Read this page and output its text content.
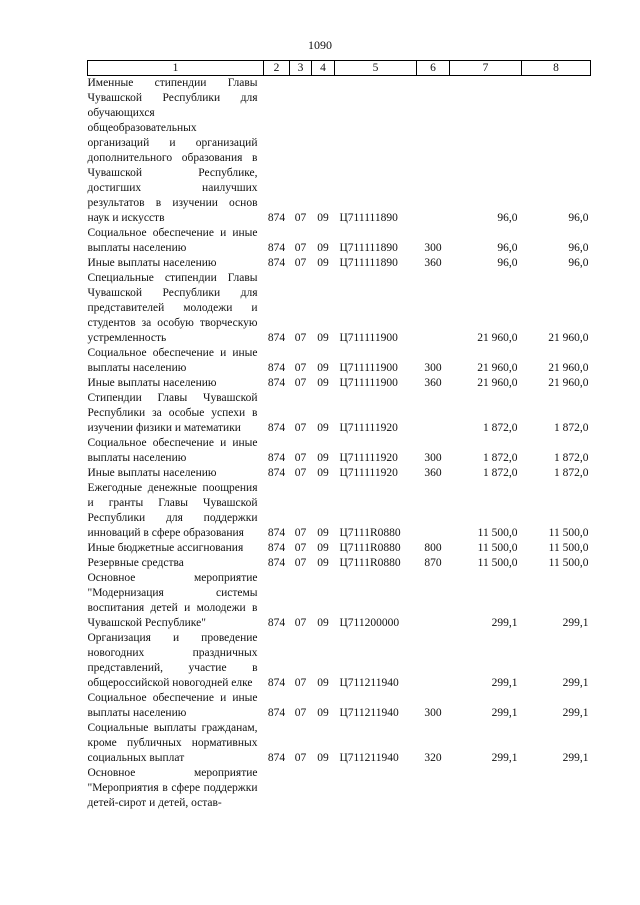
1090
1	2	3	4	5	6	7	8
Именные стипендии Главы Чувашской Республики для обучающихся общеобразовательных организаций и организаций дополнительного образования в Чувашской Республике, достигших наилучших результатов в изучении основ наук и искусств	874	07	09	Ц711111890		96,0	96,0
Социальное обеспечение и иные выплаты населению	874	07	09	Ц711111890	300	96,0	96,0
Иные выплаты населению	874	07	09	Ц711111890	360	96,0	96,0
Специальные стипендии Главы Чувашской Республики для представителей молодежи и студентов за особую творческую устремленность	874	07	09	Ц711111900		21 960,0	21 960,0
Социальное обеспечение и иные выплаты населению	874	07	09	Ц711111900	300	21 960,0	21 960,0
Иные выплаты населению	874	07	09	Ц711111900	360	21 960,0	21 960,0
Стипендии Главы Чувашской Республики за особые успехи в изучении физики и математики	874	07	09	Ц711111920		1 872,0	1 872,0
Социальное обеспечение и иные выплаты населению	874	07	09	Ц711111920	300	1 872,0	1 872,0
Иные выплаты населению	874	07	09	Ц711111920	360	1 872,0	1 872,0
Ежегодные денежные поощрения и гранты Главы Чувашской Республики для поддержки инноваций в сфере образования	874	07	09	Ц7111R0880		11 500,0	11 500,0
Иные бюджетные ассигнования	874	07	09	Ц7111R0880	800	11 500,0	11 500,0
Резервные средства	874	07	09	Ц7111R0880	870	11 500,0	11 500,0
Основное мероприятие "Модернизация системы воспитания детей и молодежи в Чувашской Республике"	874	07	09	Ц711200000		299,1	299,1
Организация и проведение новогодних праздничных представлений, участие в общероссийской новогодней елке	874	07	09	Ц711211940		299,1	299,1
Социальное обеспечение и иные выплаты населению	874	07	09	Ц711211940	300	299,1	299,1
Социальные выплаты гражданам, кроме публичных нормативных социальных выплат	874	07	09	Ц711211940	320	299,1	299,1
Основное мероприятие "Мероприятия в сфере поддержки детей-сирот и детей, остав-							
